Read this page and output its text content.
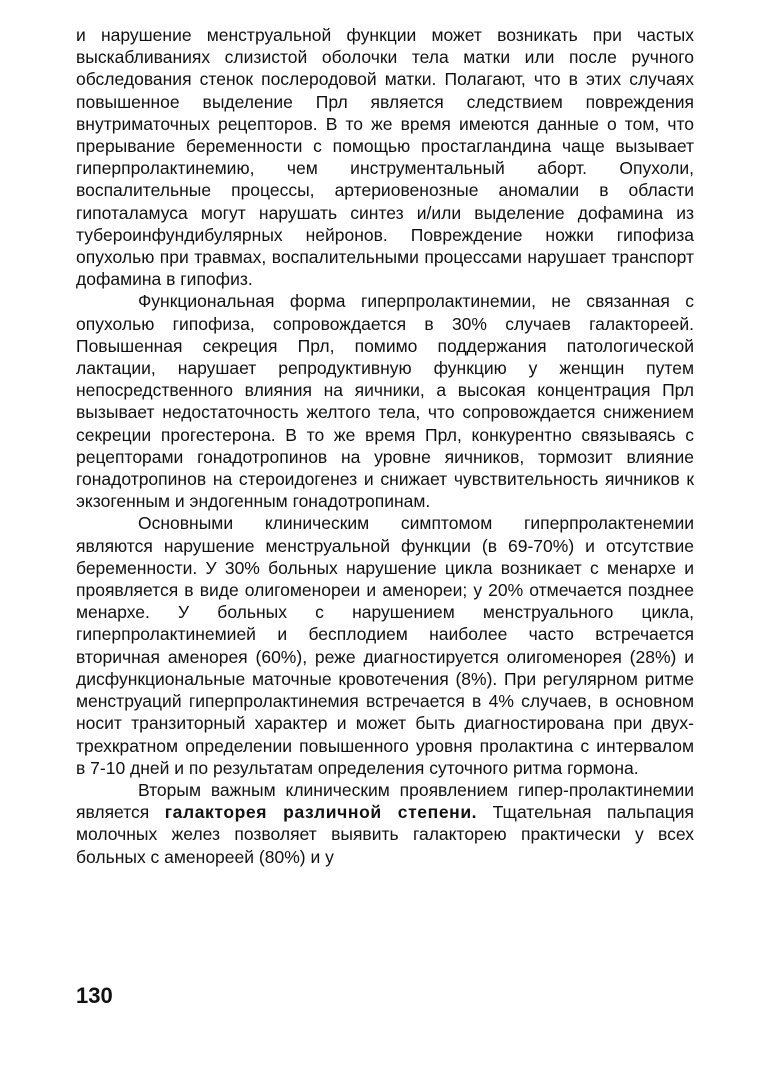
и нарушение менструальной функции может возникать при частых выскабливаниях слизистой оболочки тела матки или после ручного обследования стенок послеродовой матки. Полагают, что в этих случаях повышенное выделение Прл является следствием повреждения внутриматочных рецепторов. В то же время имеются данные о том, что прерывание беременности с помощью простагландина чаще вызывает гиперпролактинемию, чем инструментальный аборт. Опухоли, воспалительные процессы, артериовенозные аномалии в области гипоталамуса могут нарушать синтез и/или выделение дофамина из тубероинфундибулярных нейронов. Повреждение ножки гипофиза опухолью при травмах, воспалительными процессами нарушает транспорт дофамина в гипофиз.

Функциональная форма гиперпролактинемии, не связанная с опухолью гипофиза, сопровождается в 30% случаев галактореей. Повышенная секреция Прл, помимо поддержания патологической лактации, нарушает репродуктивную функцию у женщин путем непосредственного влияния на яичники, а высокая концентрация Прл вызывает недостаточность желтого тела, что сопровождается снижением секреции прогестерона. В то же время Прл, конкурентно связываясь с рецепторами гонадотропинов на уровне яичников, тормозит влияние гонадотропинов на стероидогенез и снижает чувствительность яичников к экзогенным и эндогенным гонадотропинам.

Основными клиническим симптомом гиперпролактенемии являются нарушение менструальной функции (в 69-70%) и отсутствие беременности. У 30% больных нарушение цикла возникает с менархе и проявляется в виде олигоменореи и аменореи; у 20% отмечается позднее менархе. У больных с нарушением менструального цикла, гиперпролактинемией и бесплодием наиболее часто встречается вторичная аменорея (60%), реже диагностируется олигоменорея (28%) и дисфункциональные маточные кровотечения (8%). При регулярном ритме менструаций гиперпролактинемия встречается в 4% случаев, в основном носит транзиторный характер и может быть диагностирована при двух-трехкратном определении повышенного уровня пролактина с интервалом в 7-10 дней и по результатам определения суточного ритма гормона.

Вторым важным клиническим проявлением гипер-пролактинемии является галакторея различной степени. Тщательная пальпация молочных желез позволяет выявить галакторею практически у всех больных с аменореей (80%) и у

130
